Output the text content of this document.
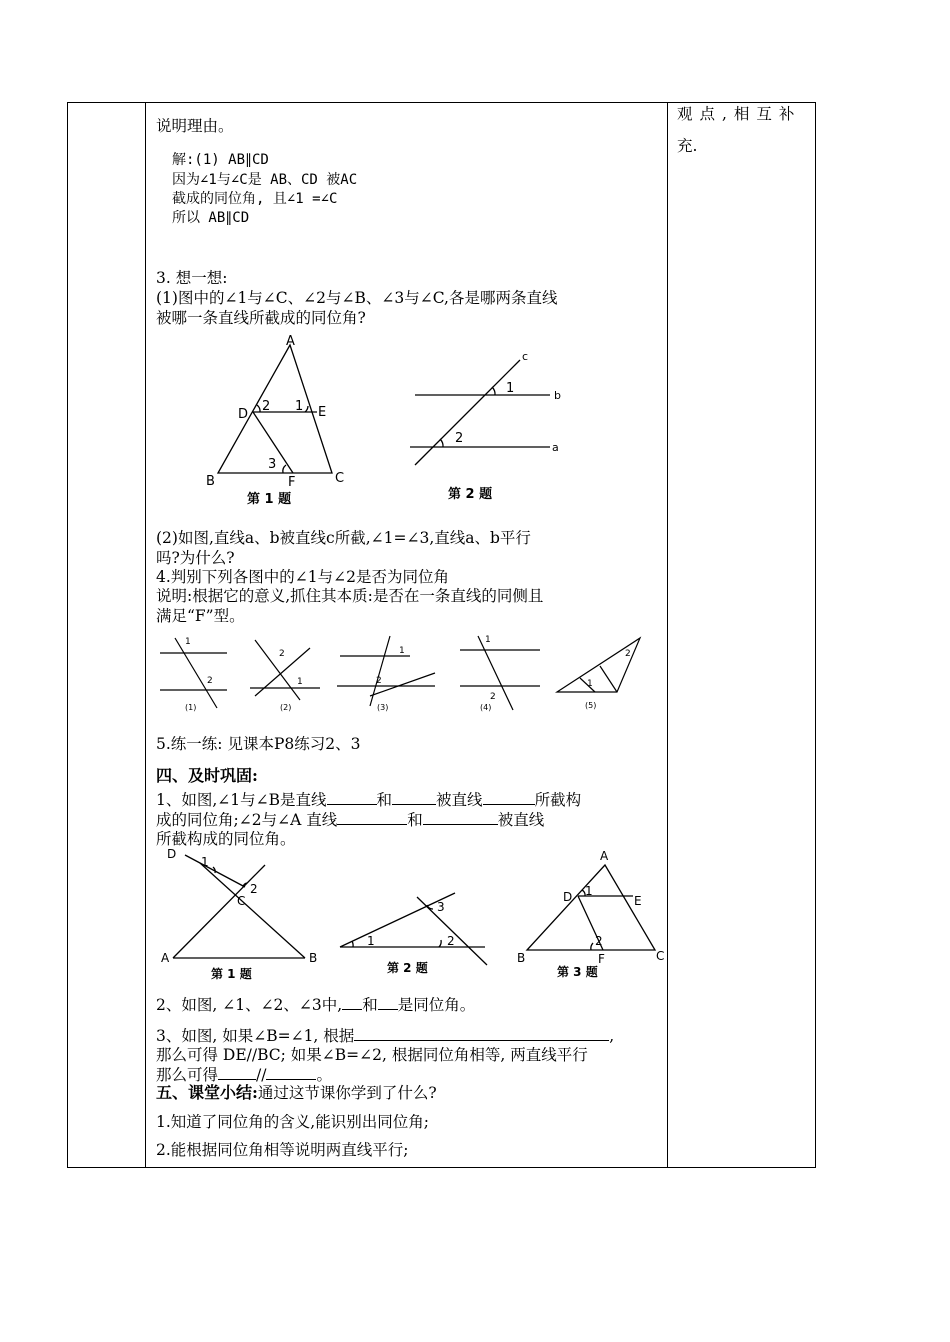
观点,相互补
充.
说明理由。
解:(1) AB∥CD
因为∠1与∠C是 AB、CD 被AC
截成的同位角, 且∠1 =∠C
所以 AB∥CD
3. 想一想:
(1)图中的∠1与∠C、∠2与∠B、∠3与∠C,各是哪两条直线
被哪一条直线所截成的同位角?
A
B	C
D	E
F
1
2
3
1
2
b
a
c
第 1 题	第 2 题
(2)如图,直线a、b被直线c所截,∠1=∠3,直线a、b平行
吗?为什么?
4.判别下列各图中的∠1与∠2是否为同位角
说明:根据它的意义,抓住其本质:是否在一条直线的同侧且
满足“F”型。
1
2
2
1
1
2
1
2
2
1
(1)	(2)	(3)	(4)	(5)
5.练一练: 见课本P8练习2、3
四、及时巩固:
1、如图,∠1与∠B是直线	和	被直线	所截构
成的同位角;∠2与∠A 直线	和	被直线
所截构成的同位角。
D
1
2
C
A	B
1	2
3
A
D	E
1
2
B	F	C
第 1 题	第 2 题	第 3 题
2、如图, ∠1、∠2、∠3中, 和 是同位角。
3、如图, 如果∠B=∠1, 根据	,
那么可得 DE//BC; 如果∠B=∠2, 根据同位角相等, 两直线平行
那么可得 //	。
五、课堂小结:通过这节课你学到了什么?
1.知道了同位角的含义,能识别出同位角;
2.能根据同位角相等说明两直线平行;
